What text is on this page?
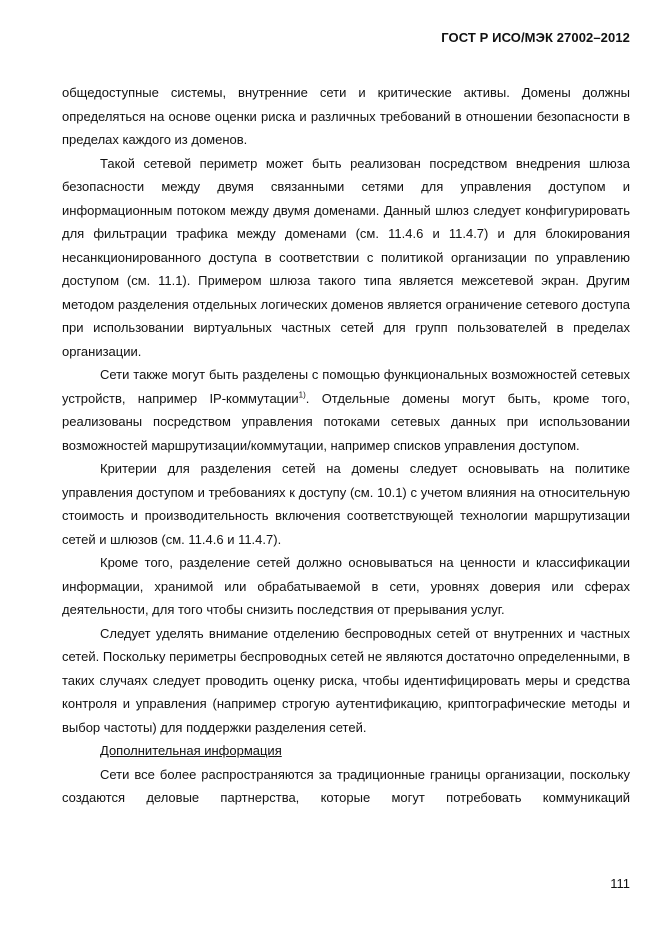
ГОСТ Р ИСО/МЭК 27002–2012

общедоступные системы, внутренние сети и критические активы. Домены должны определяться на основе оценки риска и различных требований в отношении безопасности в пределах каждого из доменов.

Такой сетевой периметр может быть реализован посредством внедрения шлюза безопасности между двумя связанными сетями для управления доступом и информационным потоком между двумя доменами. Данный шлюз следует конфигурировать для фильтрации трафика между доменами (см. 11.4.6 и 11.4.7) и для блокирования несанкционированного доступа в соответствии с политикой организации по управлению доступом (см. 11.1). Примером шлюза такого типа является межсетевой экран. Другим методом разделения отдельных логических доменов является ограничение сетевого доступа при использовании виртуальных частных сетей для групп пользователей в пределах организации.

Сети также могут быть разделены с помощью функциональных возможностей сетевых устройств, например IP-коммутации$^{1)}$. Отдельные домены могут быть, кроме того, реализованы посредством управления потоками сетевых данных при использовании возможностей маршрутизации/коммутации, например списков управления доступом.

Критерии для разделения сетей на домены следует основывать на политике управления доступом и требованиях к доступу (см. 10.1) с учетом влияния на относительную стоимость и производительность включения соответствующей технологии маршрутизации сетей и шлюзов (см. 11.4.6 и 11.4.7).

Кроме того, разделение сетей должно основываться на ценности и классификации информации, хранимой или обрабатываемой в сети, уровнях доверия или сферах деятельности, для того чтобы снизить последствия от прерывания услуг.

Следует уделять внимание отделению беспроводных сетей от внутренних и частных сетей. Поскольку периметры беспроводных сетей не являются достаточно определенными, в таких случаях следует проводить оценку риска, чтобы идентифицировать меры и средства контроля и управления (например строгую аутентификацию, криптографические методы и выбор частоты) для поддержки разделения сетей.

Дополнительная информация

Сети все более распространяются за традиционные границы организации, поскольку создаются деловые партнерства, которые могут потребовать коммуникаций

111
